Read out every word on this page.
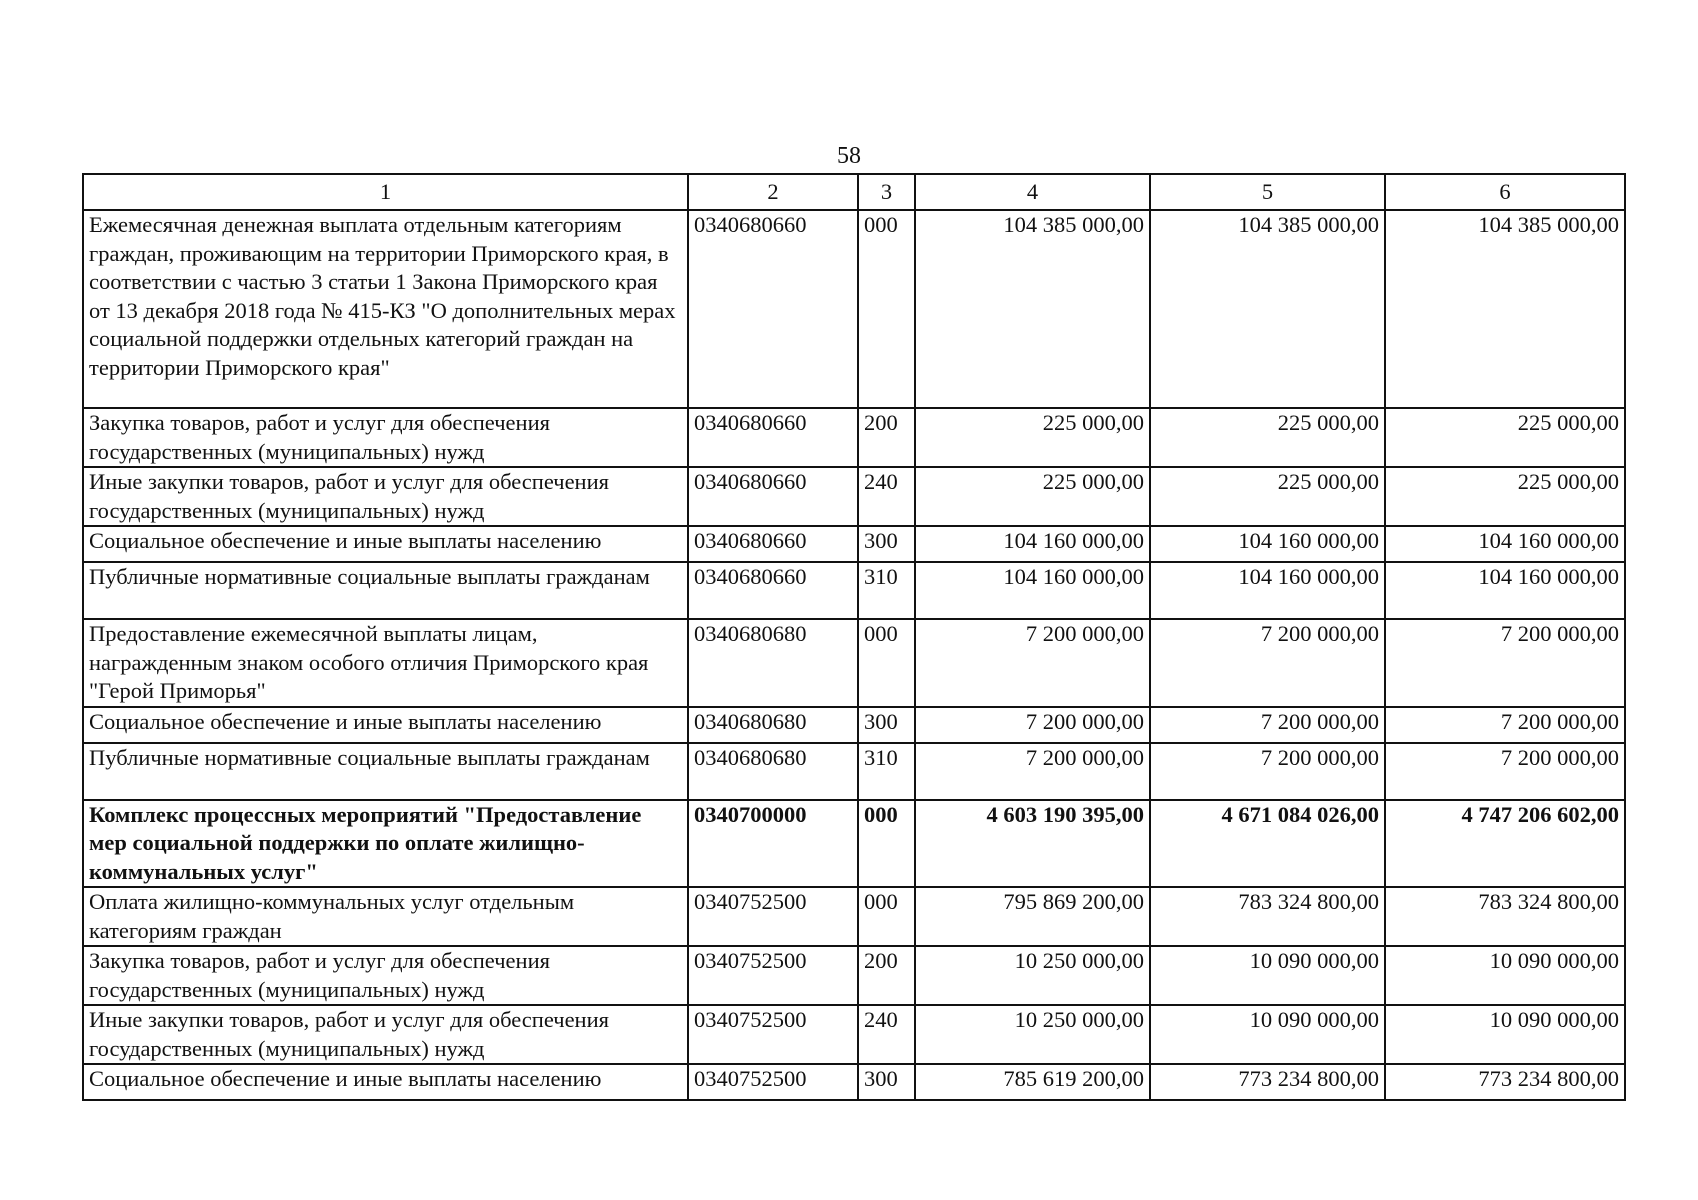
58
1	2	3	4	5	6
Ежемесячная денежная выплата отдельным категориям граждан, проживающим на территории Приморского края, в соответствии с частью 3 статьи 1 Закона Приморского края от 13 декабря 2018 года № 415-КЗ "О дополнительных мерах социальной поддержки отдельных категорий граждан на территории Приморского края"	0340680660	000	104 385 000,00	104 385 000,00	104 385 000,00
Закупка товаров, работ и услуг для обеспечения государственных (муниципальных) нужд	0340680660	200	225 000,00	225 000,00	225 000,00
Иные закупки товаров, работ и услуг для обеспечения государственных (муниципальных) нужд	0340680660	240	225 000,00	225 000,00	225 000,00
Социальное обеспечение и иные выплаты населению	0340680660	300	104 160 000,00	104 160 000,00	104 160 000,00
Публичные нормативные социальные выплаты гражданам	0340680660	310	104 160 000,00	104 160 000,00	104 160 000,00
Предоставление ежемесячной выплаты лицам, награжденным знаком особого отличия Приморского края "Герой Приморья"	0340680680	000	7 200 000,00	7 200 000,00	7 200 000,00
Социальное обеспечение и иные выплаты населению	0340680680	300	7 200 000,00	7 200 000,00	7 200 000,00
Публичные нормативные социальные выплаты гражданам	0340680680	310	7 200 000,00	7 200 000,00	7 200 000,00
Комплекс процессных мероприятий "Предоставление мер социальной поддержки по оплате жилищно-коммунальных услуг"	0340700000	000	4 603 190 395,00	4 671 084 026,00	4 747 206 602,00
Оплата жилищно-коммунальных услуг отдельным категориям граждан	0340752500	000	795 869 200,00	783 324 800,00	783 324 800,00
Закупка товаров, работ и услуг для обеспечения государственных (муниципальных) нужд	0340752500	200	10 250 000,00	10 090 000,00	10 090 000,00
Иные закупки товаров, работ и услуг для обеспечения государственных (муниципальных) нужд	0340752500	240	10 250 000,00	10 090 000,00	10 090 000,00
Социальное обеспечение и иные выплаты населению	0340752500	300	785 619 200,00	773 234 800,00	773 234 800,00
